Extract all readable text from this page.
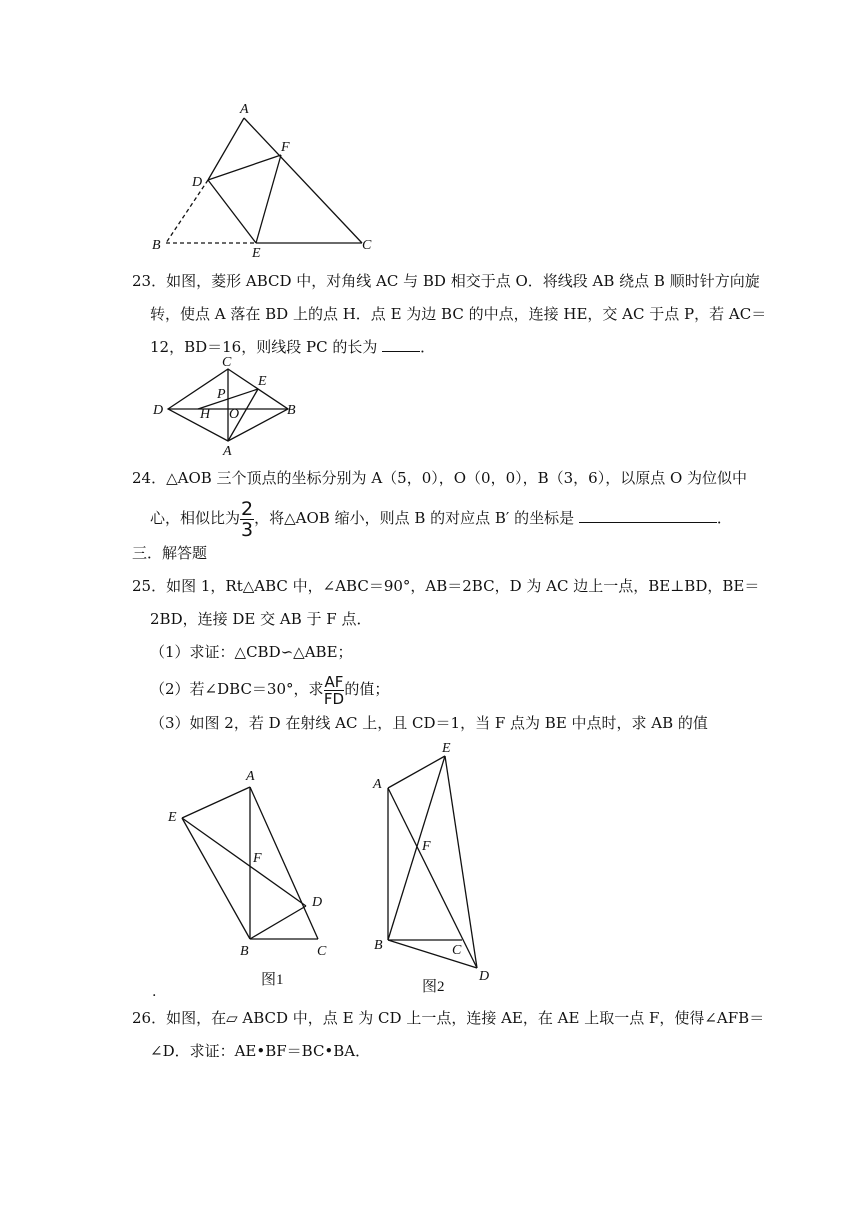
A
F
D
B
E
C
23．如图，菱形 ABCD 中，对角线 AC 与 BD 相交于点 O．将线段 AB 绕点 B 顺时针方向旋
转，使点 A 落在 BD 上的点 H．点 E 为边 BC 的中点，连接 HE，交 AC 于点 P，若 AC＝
12，BD＝16，则线段 PC 的长为	．
C
E
P
D	H O	B
A
24．△AOB 三个顶点的坐标分别为 A（5，0），O（0，0），B（3，6），以原点 O 为位似中
心，相似比为 $\frac{2}{3}$ ，将△AOB 缩小，则点 B 的对应点 B′ 的坐标是	．
三．解答题
25．如图 1，Rt△ABC 中，∠ABC＝90°，AB＝2BC，D 为 AC 边上一点，BE⊥BD，BE＝
2BD，连接 DE 交 AB 于 F 点．
（1）求证：△CBD∽△ABE；
（2）若∠DBC＝30°，求 $\frac{AF}{FD}$ 的值；
（3）如图 2，若 D 在射线 AC 上，且 CD＝1，当 F 点为 BE 中点时，求 AB 的值
A
E
F
D
B	C
图1
E
A
F
B	C
D
图2
.
26．如图，在▱ ABCD 中，点 E 为 CD 上一点，连接 AE，在 AE 上取一点 F，使得∠AFB＝
∠D．求证：AE•BF＝BC•BA．
